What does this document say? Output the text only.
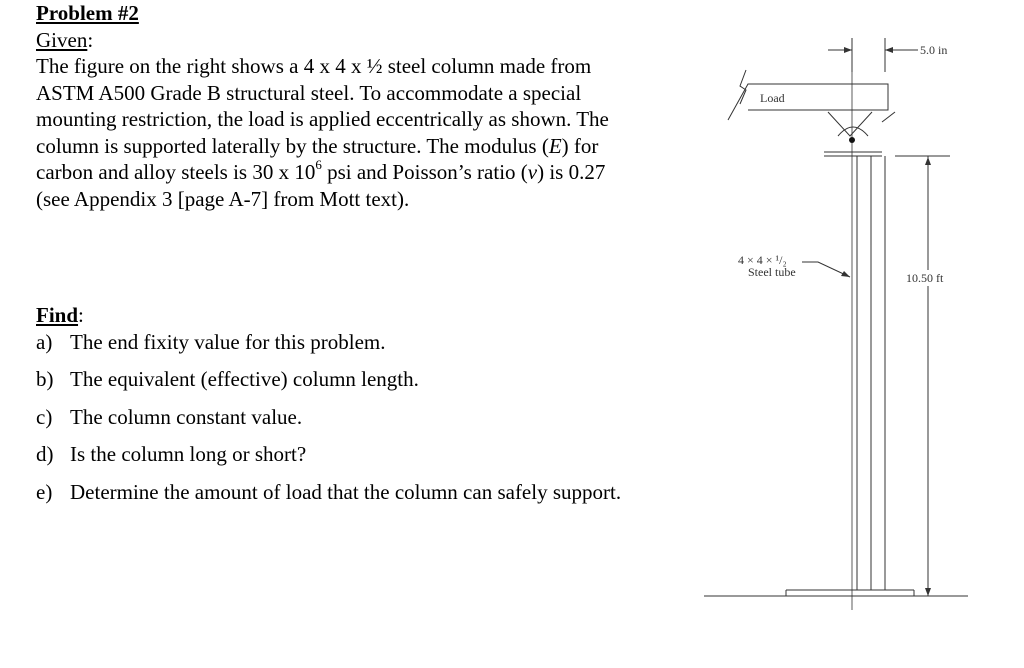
Problem #2
Given:
The figure on the right shows a 4 x 4 x ½ steel column made from
ASTM A500 Grade B structural steel. To accommodate a special
mounting restriction, the load is applied eccentrically as shown. The
column is supported laterally by the structure. The modulus (E) for
carbon and alloy steels is 30 x $10^6$ psi and Poisson’s ratio (ν) is 0.27
(see Appendix 3 [page A-7] from Mott text).
Find:
a) The end fixity value for this problem.
b) The equivalent (effective) column length.
c) The column constant value.
d) Is the column long or short?
e) Determine the amount of load that the column can safely support.
5.0 in
Load
4 × 4 × ¹/₂
Steel tube	10.50 ft
